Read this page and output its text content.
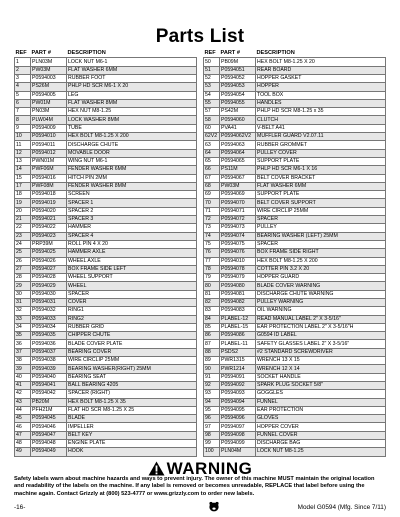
Parts List
REF	PART #	DESCRIPTION
1	PLN03M	LOCK NUT M6-1
2	PW03M	FLAT WASHER 6MM
3	P0594003	RUBBER FOOT
4	PS26M	PHLP HD SCR M6-1 X 20
5	P0594005	LEG
6	PW01M	FLAT WASHER 8MM
7	PN03M	HEX NUT M8-1.25
8	PLW04M	LOCK WASHER 8MM
9	P0594009	TUBE
10	P0594010	HEX BOLT M8-1.25 X 200
11	P0594011	DISCHARGE CHUTE
12	P0594012	MOVABLE DOOR
13	PWN01M	WING NUT M6-1
14	PWF06M	FENDER WASHER 6MM
15	P0594016	HITCH PIN 2MM
17	PWF08M	FENDER WASHER 8MM
18	P0594018	SCREEN
19	P0594019	SPACER 1
20	P0594020	SPACER 2
21	P0594021	SPACER 3
22	P0594022	HAMMER
23	P0594023	SPACER 4
24	PRP39M	ROLL PIN 4 X 20
25	P0594025	HAMMER AXLE
26	P0594026	WHEEL AXLE
27	P0594027	BOX FRAME SIDE LEFT
28	P0594028	WHEEL SUPPORT
29	P0594029	WHEEL
30	P0594030	SPACER
31	P0594031	COVER
32	P0594032	RING1
33	P0594033	RING2
34	P0594034	RUBBER GRID
35	P0594035	CHIPPER CHUTE
36	P0594036	BLADE COVER PLATE
37	P0594037	BEARING COVER
38	P0594038	WIRE CIRCLIP 25MM
39	P0594039	BEARING WASHER(RIGHT) 25MM
40	P0594040	BEARING SEAT
41	P0594041	BALL BEARING 4205
42	P0594042	SPACER (RIGHT)
43	PB20M	HEX BOLT M8-1.25 X 35
44	PFH21M	FLAT HD SCR M8-1.25 X 25
45	P0594045	BLADE
46	P0594046	IMPELLER
47	P0594047	BELT KEY
48	P0594048	ENGINE PLATE
49	P0594049	HOOK
REF	PART #	DESCRIPTION
50	PB09M	HEX BOLT M8-1.25 X 20
51	P0594051	REAR BOARD
52	P0594052	HOPPER GASKET
53	P0594053	HOPPER
54	P0594054	TOOL BOX
55	P0594055	HANDLES
57	PS42M	PHLP HD SCR M8-1.25 x 35
58	P0594060	CLUTCH
60	PVA41	V-BELT A41
62V2	P0594062V2	MUFFLER GUARD V2.07.11
63	P0594063	RUBBER GROMMET
64	P0594064	PULLEY COVER
65	P0594065	SUPPORT PLATE
66	PS11M	PHLP HD SCR M6-1 X 16
67	P0594067	BELT COVER BRACKET
68	PW03M	FLAT WASHER 6MM
69	P0594069	SUPPORT PLATE
70	P0594070	BELT COVER SUPPORT
71	P0594071	WIRE CIRCLIP 25MM
72	P0594072	SPACER
73	P0594073	PULLEY
74	P0594074	BEARING WASHER (LEFT) 25MM
75	P0594075	SPACER
76	P0594076	BOX FRAME SIDE RIGHT
77	P0594010	HEX BOLT M8-1.25 X 200
78	P0594078	COTTER PIN 3.2 X 20
79	P0594079	HOPPER GUARD
80	P0594080	BLADE COVER WARNING
81	P0594081	DISCHARGE CHUTE WARNING
82	P0594082	PULLEY WARNING
83	P0594083	OIL WARNING
84	PLABEL-12	READ MANUAL LABEL 2" X 3-5/16"
85	PLABEL-15	EAR PROTECTION LABEL 2" X 3-5/16"H
86	P0594086	G0594 ID LABEL
87	PLABEL-11	SAFETY GLASSES LABEL 2" X 3-5/16"
88	PSDS2	#2 STANDARD SCREWDRIVER
89	PWR1315	WRENCH 13 X 15
90	PWR1214	WRENCH 12 X 14
91	P0594091	SOCKET HANDLE
92	P0594092	SPARK PLUG SOCKET 5/8"
93	P0594093	GOGGLES
94	P0594094	FUNNEL
95	P0594095	EAR PROTECTION
96	P0594096	GLOVES
97	P0594097	HOPPER COVER
98	P0594098	FUNNEL COVER
99	P0594099	DISCHARGE BAG
100	PLN04M	LOCK NUT M8-1.25
WARNING
Safety labels warn about machine hazards and ways to prevent injury. The owner of this machine MUST maintain the original location and readability of the labels on the machine. If any label is removed or becomes unreadable, REPLACE that label before using the machine again. Contact Grizzly at (800) 523-4777 or www.grizzly.com to order new labels.
-16-	Model G0594 (Mfg. Since 7/11)
